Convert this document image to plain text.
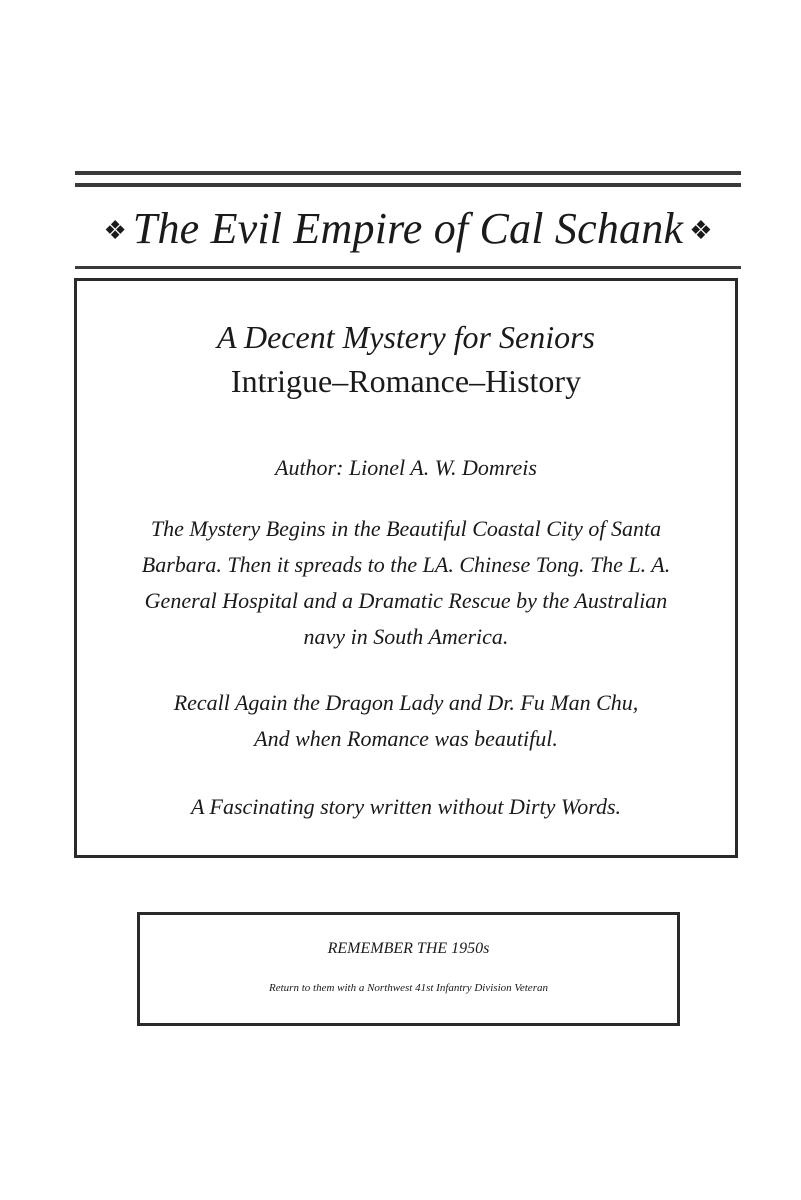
❖ The Evil Empire of Cal Schank ❖
A Decent Mystery for Seniors
Intrigue–Romance–History
Author: Lionel A. W. Domreis
The Mystery Begins in the Beautiful Coastal City of Santa
Barbara. Then it spreads to the LA. Chinese Tong. The L. A.
General Hospital and a Dramatic Rescue by the Australian
navy in South America.
Recall Again the Dragon Lady and Dr. Fu Man Chu,
And when Romance was beautiful.
A Fascinating story written without Dirty Words.
REMEMBER THE 1950s
Return to them with a Northwest 41st Infantry Division Veteran
